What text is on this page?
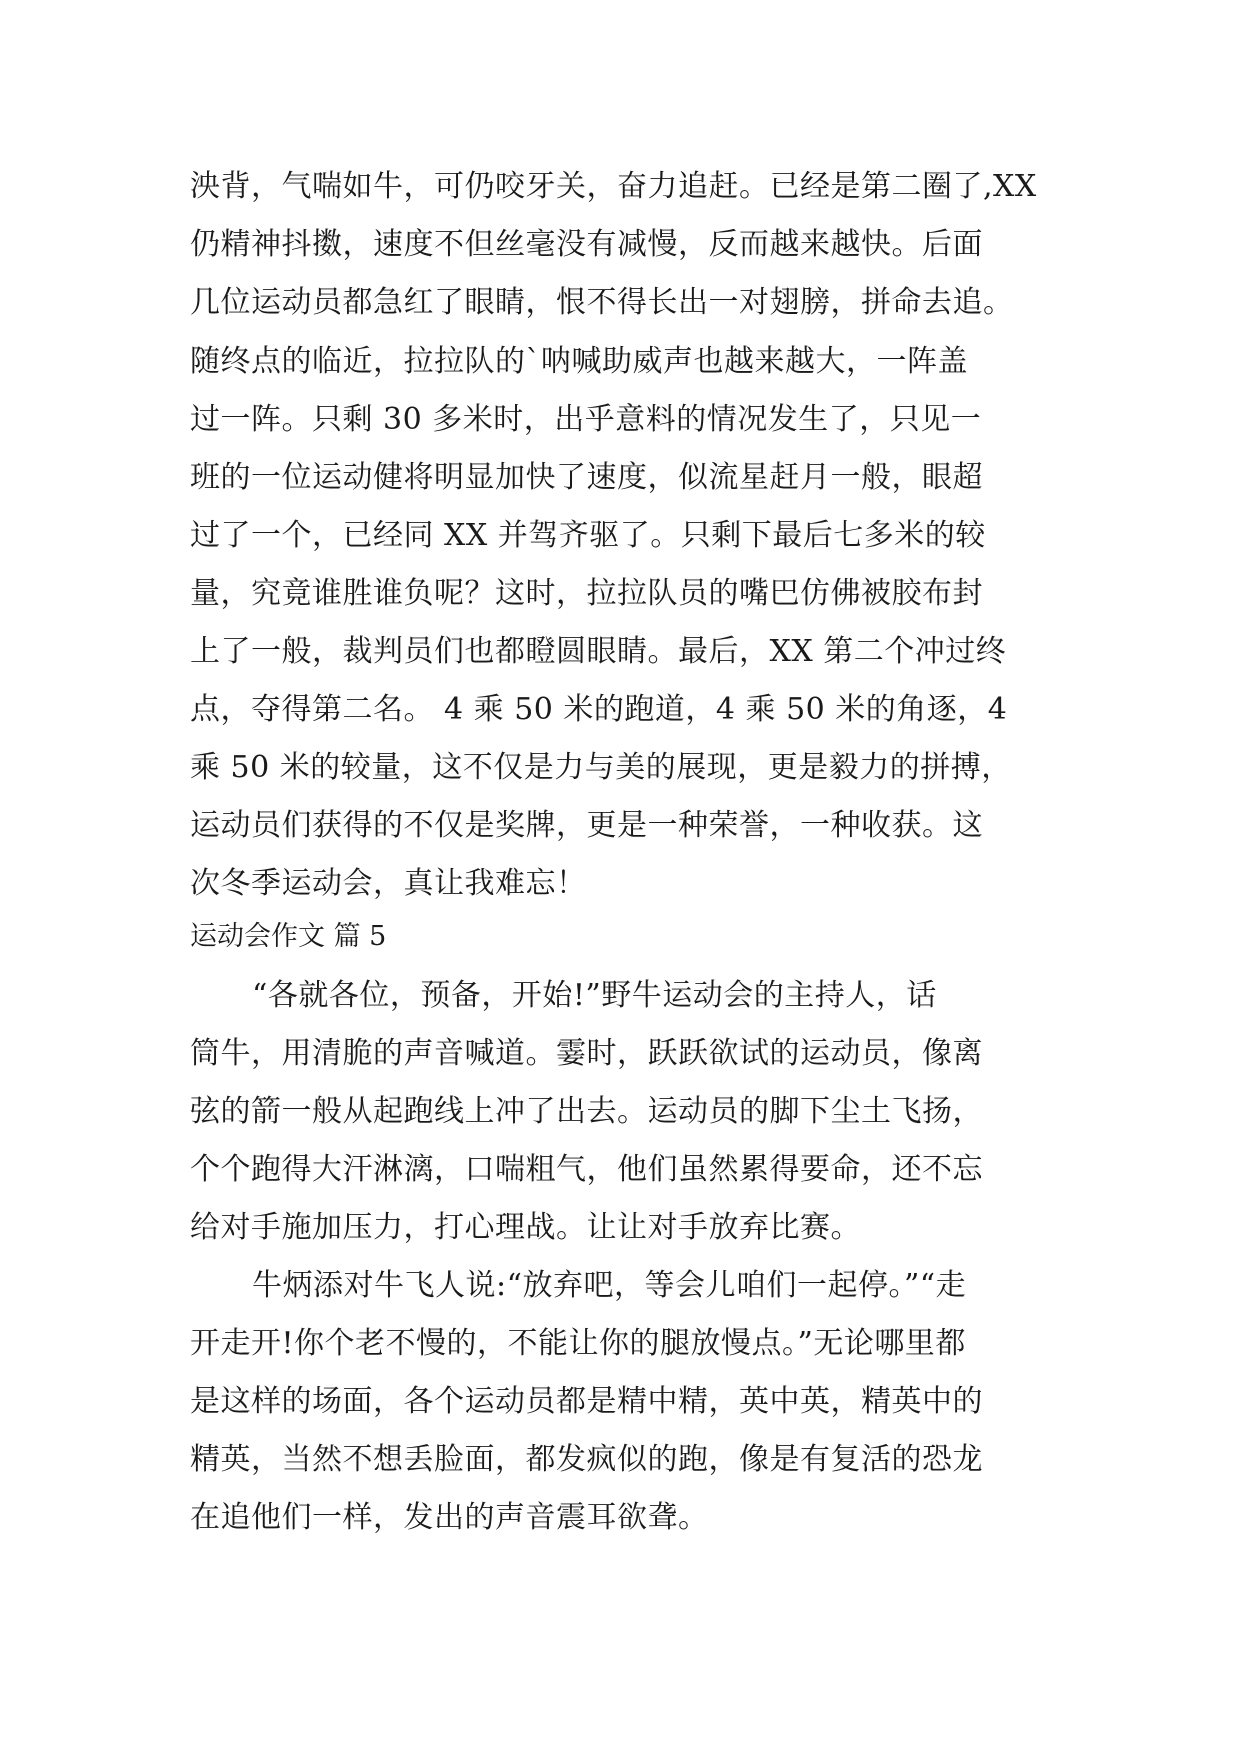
泱背，气喘如牛，可仍咬牙关，奋力追赶。已经是第二圈了,XX
仍精神抖擞，速度不但丝毫没有减慢，反而越来越快。后面
几位运动员都急红了眼睛，恨不得长出一对翅膀，拼命去追。
随终点的临近，拉拉队的`呐喊助威声也越来越大，一阵盖
过一阵。只剩 30 多米时，出乎意料的情况发生了，只见一
班的一位运动健将明显加快了速度，似流星赶月一般，眼超
过了一个，已经同 XX 并驾齐驱了。只剩下最后七多米的较
量，究竟谁胜谁负呢？这时，拉拉队员的嘴巴仿佛被胶布封
上了一般，裁判员们也都瞪圆眼睛。最后，XX 第二个冲过终
点，夺得第二名。 4 乘 50 米的跑道，4 乘 50 米的角逐，4
乘 50 米的较量，这不仅是力与美的展现，更是毅力的拼搏，
运动员们获得的不仅是奖牌，更是一种荣誉，一种收获。这
次冬季运动会，真让我难忘！
运动会作文 篇 5
“各就各位，预备，开始!”野牛运动会的主持人，话
筒牛，用清脆的声音喊道。霎时，跃跃欲试的运动员，像离
弦的箭一般从起跑线上冲了出去。运动员的脚下尘土飞扬，
个个跑得大汗淋漓，口喘粗气，他们虽然累得要命，还不忘
给对手施加压力，打心理战。让让对手放弃比赛。
牛炳添对牛飞人说:“放弃吧，等会儿咱们一起停。”“走
开走开!你个老不慢的，不能让你的腿放慢点。”无论哪里都
是这样的场面，各个运动员都是精中精，英中英，精英中的
精英，当然不想丢脸面，都发疯似的跑，像是有复活的恐龙
在追他们一样，发出的声音震耳欲聋。
